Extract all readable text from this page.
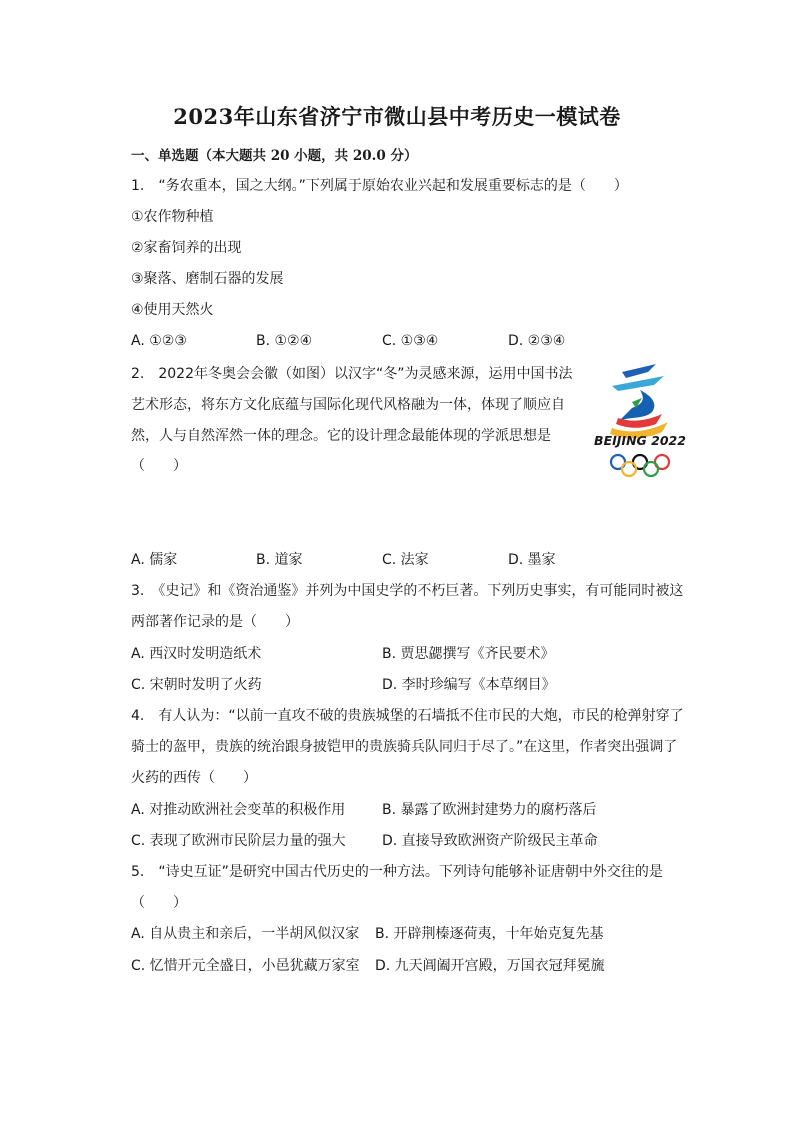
2023年山东省济宁市微山县中考历史一模试卷
一、单选题（本大题共 20 小题，共 20.0 分）
1.　“务农重本，国之大纲。”下列属于原始农业兴起和发展重要标志的是（　　）
①农作物种植
②家畜饲养的出现
③聚落、磨制石器的发展
④使用天然火
A. ①②③	B. ①②④	C. ①③④	D. ②③④
2.　2022年冬奥会会徽（如图）以汉字“冬”为灵感来源，运用中国书法
艺术形态，将东方文化底蕴与国际化现代风格融为一体，体现了顺应自
然，人与自然浑然一体的理念。它的设计理念最能体现的学派思想是
（　　）
BEIJING 2022
A. 儒家	B. 道家	C. 法家	D. 墨家
3.　《史记》和《资治通鉴》并列为中国史学的不朽巨著。下列历史事实，有可能同时被这
两部著作记录的是（　　）
A. 西汉时发明造纸术	B. 贾思勰撰写《齐民要术》
C. 宋朝时发明了火药	D. 李时珍编写《本草纲目》
4.　有人认为：“以前一直攻不破的贵族城堡的石墙抵不住市民的大炮，市民的枪弹射穿了
骑士的盔甲，贵族的统治跟身披铠甲的贵族骑兵队同归于尽了。”在这里，作者突出强调了
火药的西传（　　）
A. 对推动欧洲社会变革的积极作用	B. 暴露了欧洲封建势力的腐朽落后
C. 表现了欧洲市民阶层力量的强大	D. 直接导致欧洲资产阶级民主革命
5.　“诗史互证”是研究中国古代历史的一种方法。下列诗句能够补证唐朝中外交往的是
（　　）
A. 自从贵主和亲后，一半胡风似汉家 B. 开辟荆榛逐荷夷，十年始克复先基
C. 忆惜开元全盛日，小邑犹藏万家室 D. 九天阊阖开宫殿，万国衣冠拜冕旒
